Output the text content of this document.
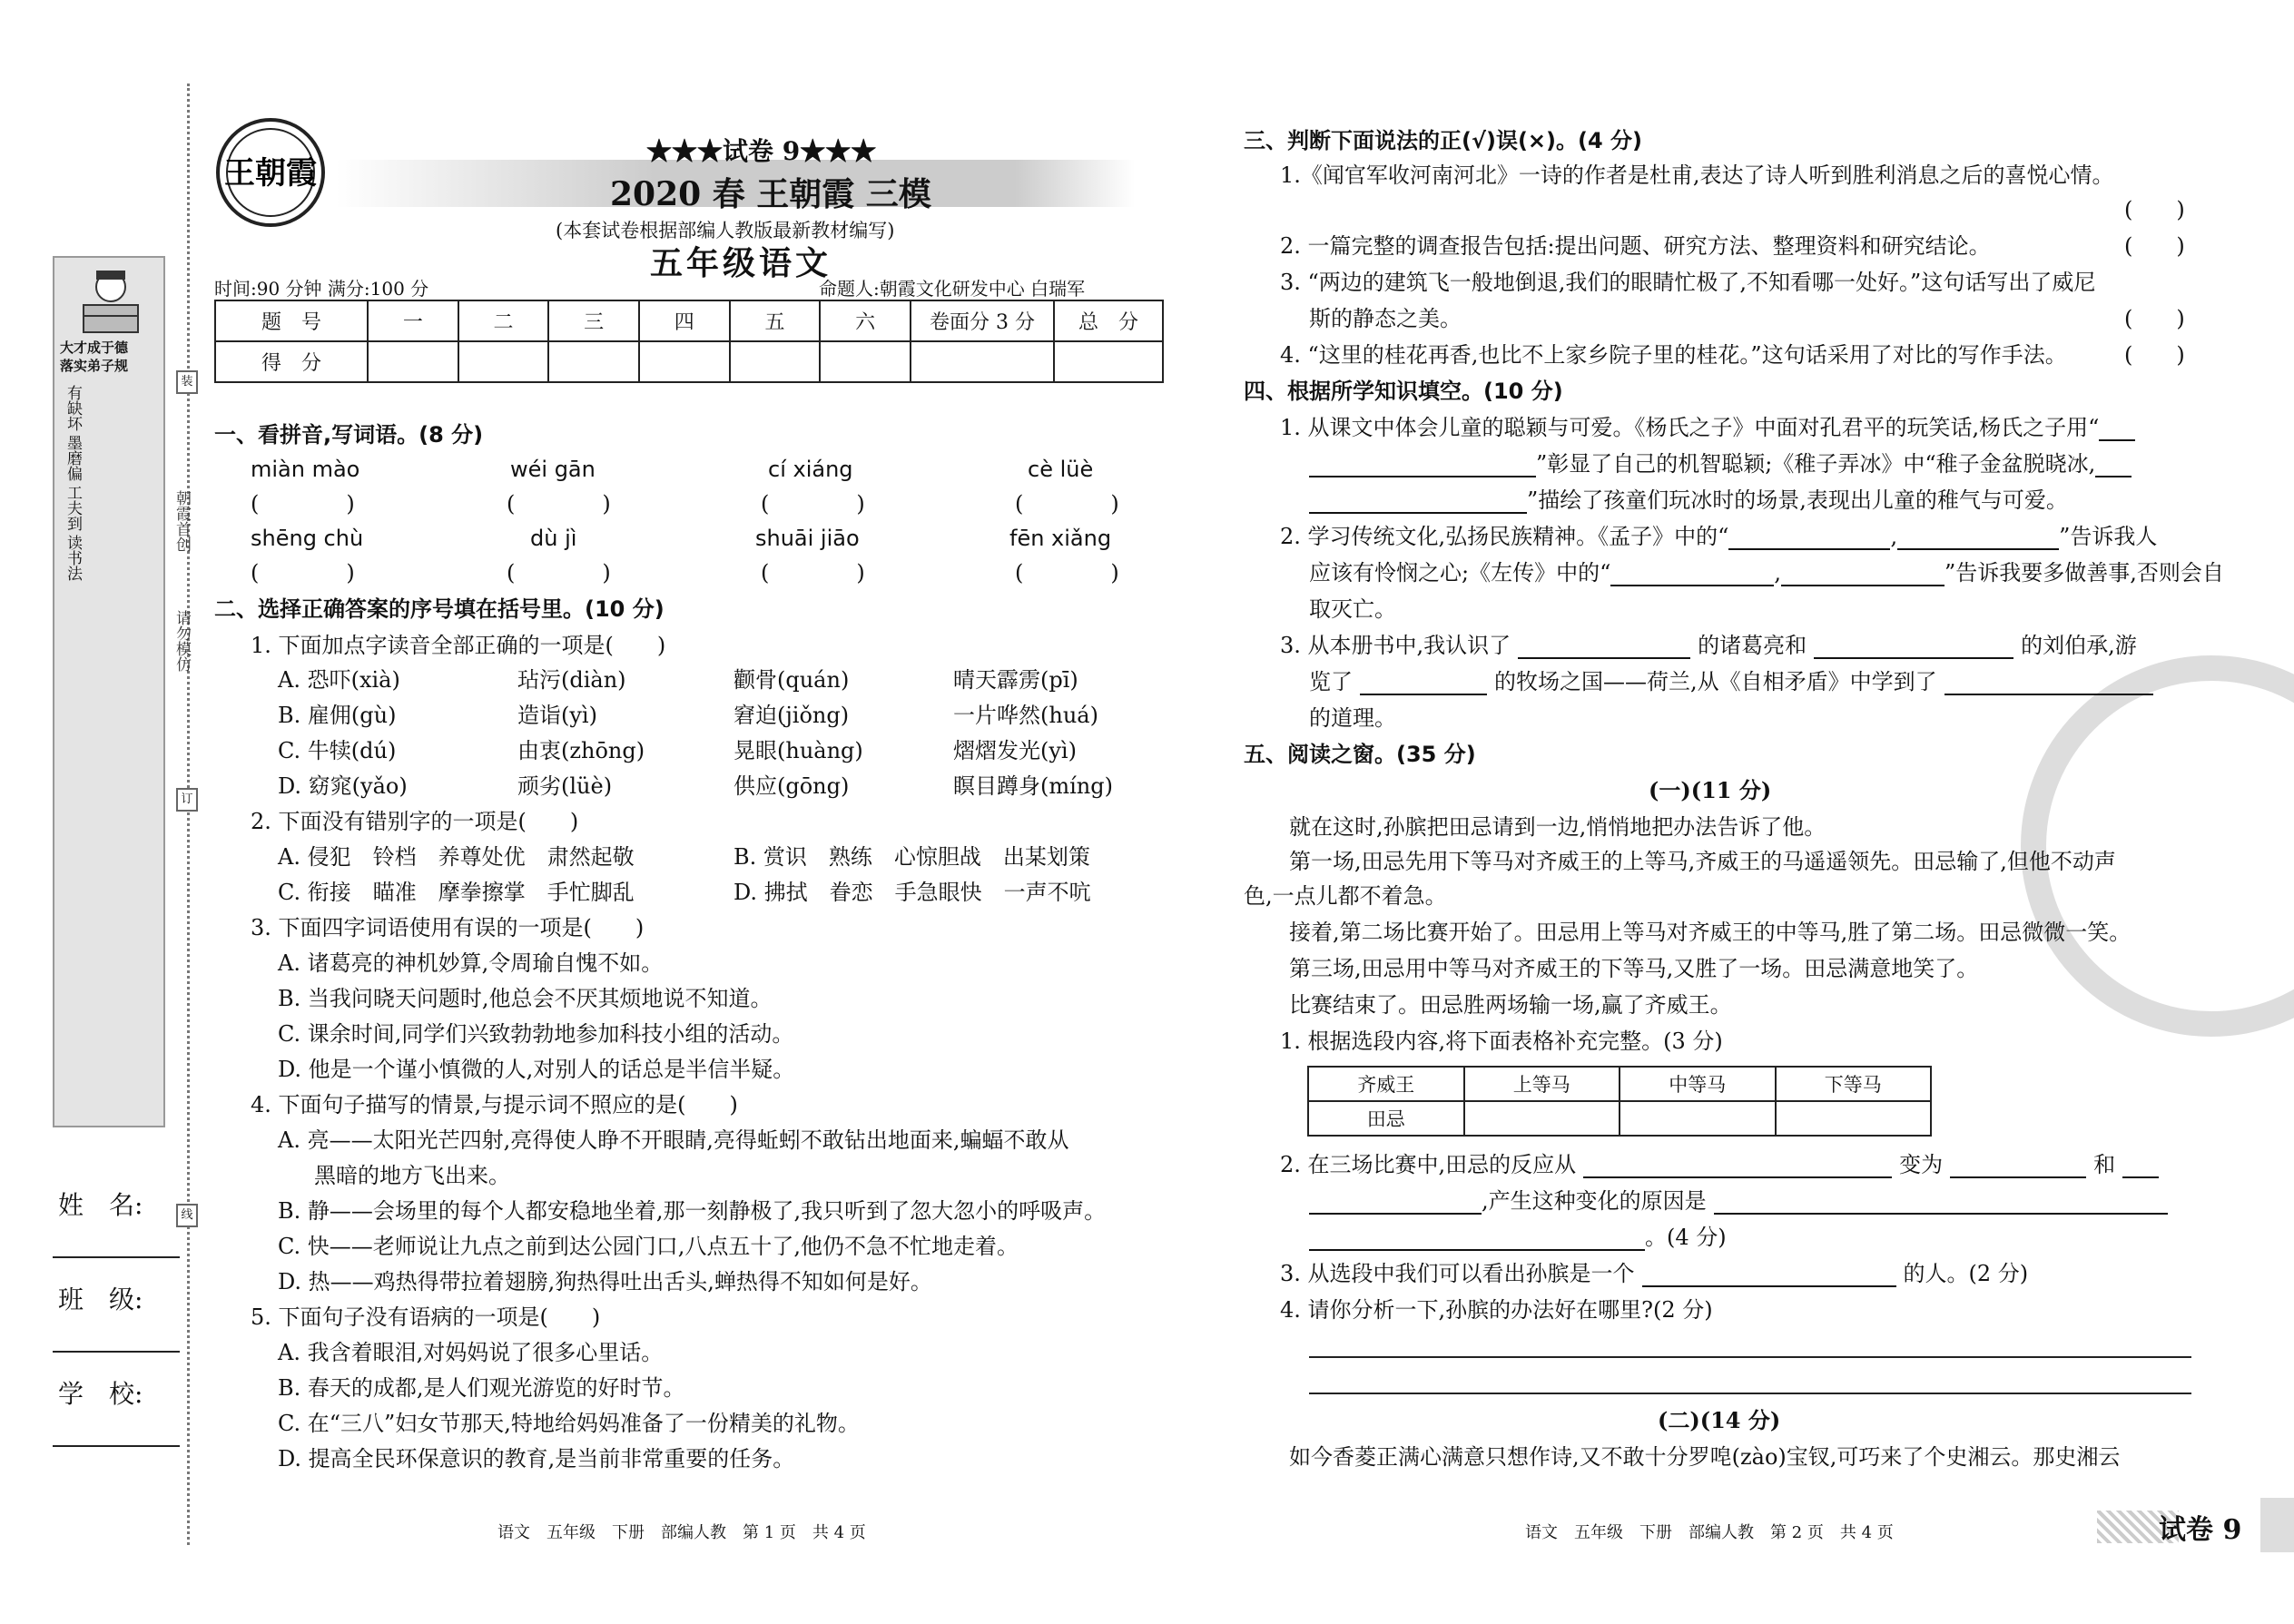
朝霞首创
请勿模仿
装
订
线
大才成于德
落实弟子规
有缺坏
墨磨偏
工夫到
读书法
姓　名:
班　级:
学　校:
王朝霞
★★★试卷 9★★★
2020 春 王朝霞 三模
(本套试卷根据部编人教版最新教材编写)
五年级语文
时间:90 分钟 满分:100 分	命题人:朝霞文化研发中心 白瑞军
题　号	一	二	三	四	五	六	卷面分 3 分	总　分
得　分								
一、看拼音,写词语。(8 分)
miàn mào	wéi gān	cí xiáng	cè lüè
(　　　　)	(　　　　)	(　　　　)	(　　　　)
shēng chù	dù jì	shuāi jiāo	fēn xiǎng
(　　　　)	(　　　　)	(　　　　)	(　　　　)
二、选择正确答案的序号填在括号里。(10 分)
1. 下面加点字读音全部正确的一项是(　　)
A. 恐吓(xià)	玷污(diàn)	颧骨(quán)	晴天霹雳(pī)
B. 雇佣(gù)	造诣(yì)	窘迫(jiǒng)	一片哗然(huá)
C. 牛犊(dú)	由衷(zhōng)	晃眼(huàng)	熠熠发光(yì)
D. 窈窕(yǎo)	顽劣(lüè)	供应(gōng)	瞑目蹲身(míng)
2. 下面没有错别字的一项是(　　)
A. 侵犯　铃档　养尊处优　肃然起敬	B. 赏识　熟练　心惊胆战　出某划策
C. 衔接　瞄准　摩拳擦掌　手忙脚乱	D. 拂拭　眷恋　手急眼快　一声不吭
3. 下面四字词语使用有误的一项是(　　)
A. 诸葛亮的神机妙算,令周瑜自愧不如。
B. 当我问晓天问题时,他总会不厌其烦地说不知道。
C. 课余时间,同学们兴致勃勃地参加科技小组的活动。
D. 他是一个谨小慎微的人,对别人的话总是半信半疑。
4. 下面句子描写的情景,与提示词不照应的是(　　)
A. 亮——太阳光芒四射,亮得使人睁不开眼睛,亮得蚯蚓不敢钻出地面来,蝙蝠不敢从
黑暗的地方飞出来。
B. 静——会场里的每个人都安稳地坐着,那一刻静极了,我只听到了忽大忽小的呼吸声。
C. 快——老师说让九点之前到达公园门口,八点五十了,他仍不急不忙地走着。
D. 热——鸡热得带拉着翅膀,狗热得吐出舌头,蝉热得不知如何是好。
5. 下面句子没有语病的一项是(　　)
A. 我含着眼泪,对妈妈说了很多心里话。
B. 春天的成都,是人们观光游览的好时节。
C. 在“三八”妇女节那天,特地给妈妈准备了一份精美的礼物。
D. 提高全民环保意识的教育,是当前非常重要的任务。
语文　五年级　下册　部编人教　第 1 页　共 4 页
三、判断下面说法的正(√)误(×)。(4 分)
1.《闻官军收河南河北》一诗的作者是杜甫,表达了诗人听到胜利消息之后的喜悦心情。
(　　)
2. 一篇完整的调查报告包括:提出问题、研究方法、整理资料和研究结论。	(　　)
3. “两边的建筑飞一般地倒退,我们的眼睛忙极了,不知看哪一处好。”这句话写出了威尼
斯的静态之美。	(　　)
4. “这里的桂花再香,也比不上家乡院子里的桂花。”这句话采用了对比的写作手法。	(　　)
四、根据所学知识填空。(10 分)
1. 从课文中体会儿童的聪颖与可爱。《杨氏之子》中面对孔君平的玩笑话,杨氏之子用“
”彰显了自己的机智聪颖;《稚子弄冰》中“稚子金盆脱晓冰,
”描绘了孩童们玩冰时的场景,表现出儿童的稚气与可爱。
2. 学习传统文化,弘扬民族精神。《孟子》中的“	,	”告诉我人
应该有怜悯之心;《左传》中的“	,	”告诉我要多做善事,否则会自
取灭亡。
3. 从本册书中,我认识了	的诸葛亮和	的刘伯承,游
览了	的牧场之国——荷兰,从《自相矛盾》中学到了
的道理。
五、阅读之窗。(35 分)
(一)(11 分)
就在这时,孙膑把田忌请到一边,悄悄地把办法告诉了他。
第一场,田忌先用下等马对齐威王的上等马,齐威王的马遥遥领先。田忌输了,但他不动声
色,一点儿都不着急。
接着,第二场比赛开始了。田忌用上等马对齐威王的中等马,胜了第二场。田忌微微一笑。
第三场,田忌用中等马对齐威王的下等马,又胜了一场。田忌满意地笑了。
比赛结束了。田忌胜两场输一场,赢了齐威王。
1. 根据选段内容,将下面表格补充完整。(3 分)
齐威王	上等马	中等马	下等马
田忌			
2. 在三场比赛中,田忌的反应从	变为	和
,产生这种变化的原因是
。(4 分)
3. 从选段中我们可以看出孙膑是一个	的人。(2 分)
4. 请你分析一下,孙膑的办法好在哪里?(2 分)
(二)(14 分)
如今香菱正满心满意只想作诗,又不敢十分罗唣(zào)宝钗,可巧来了个史湘云。那史湘云
语文　五年级　下册　部编人教　第 2 页　共 4 页	试卷 9
